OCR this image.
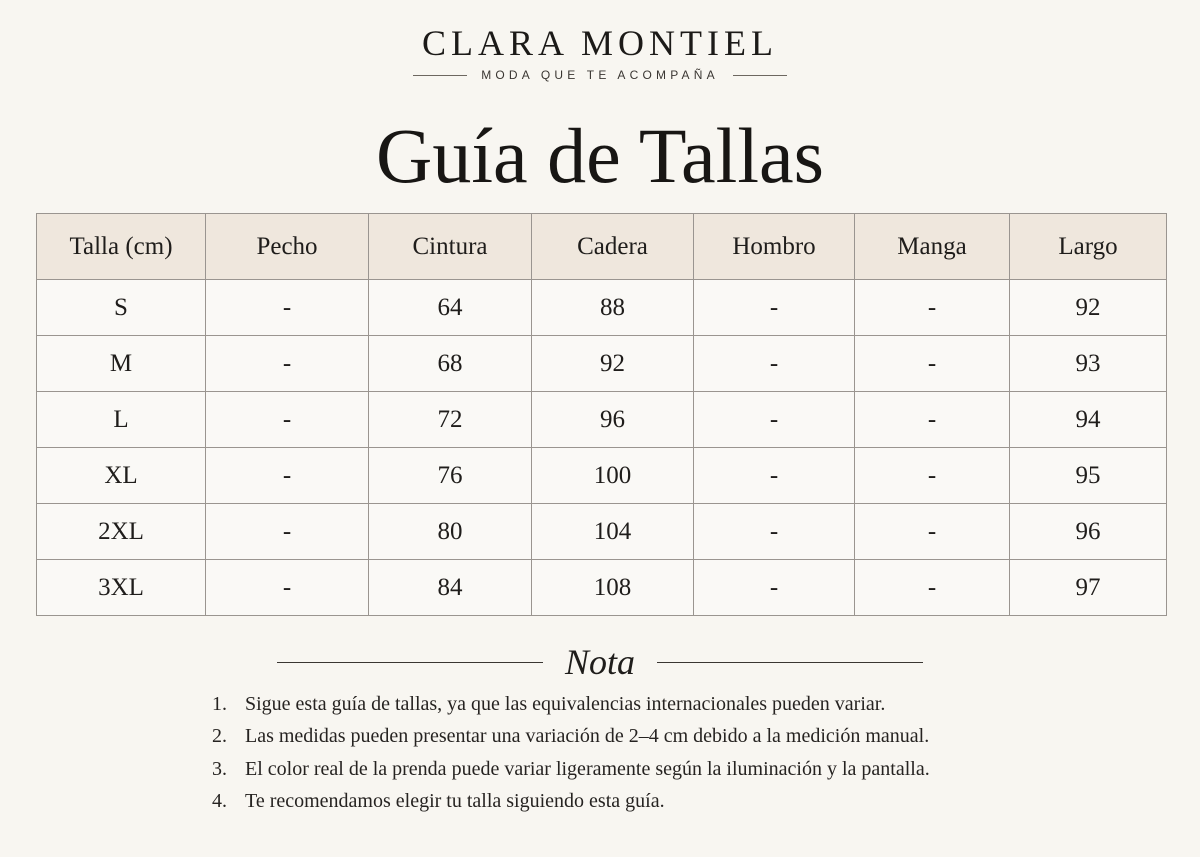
CLARA MONTIEL
MODA QUE TE ACOMPAÑA
Guía de Tallas
Talla (cm)	Pecho	Cintura	Cadera	Hombro	Manga	Largo
S	-	64	88	-	-	92
M	-	68	92	-	-	93
L	-	72	96	-	-	94
XL	-	76	100	-	-	95
2XL	-	80	104	-	-	96
3XL	-	84	108	-	-	97
Nota
1. Sigue esta guía de tallas, ya que las equivalencias internacionales pueden variar.
2. Las medidas pueden presentar una variación de 2–4 cm debido a la medición manual.
3. El color real de la prenda puede variar ligeramente según la iluminación y la pantalla.
4. Te recomendamos elegir tu talla siguiendo esta guía.
